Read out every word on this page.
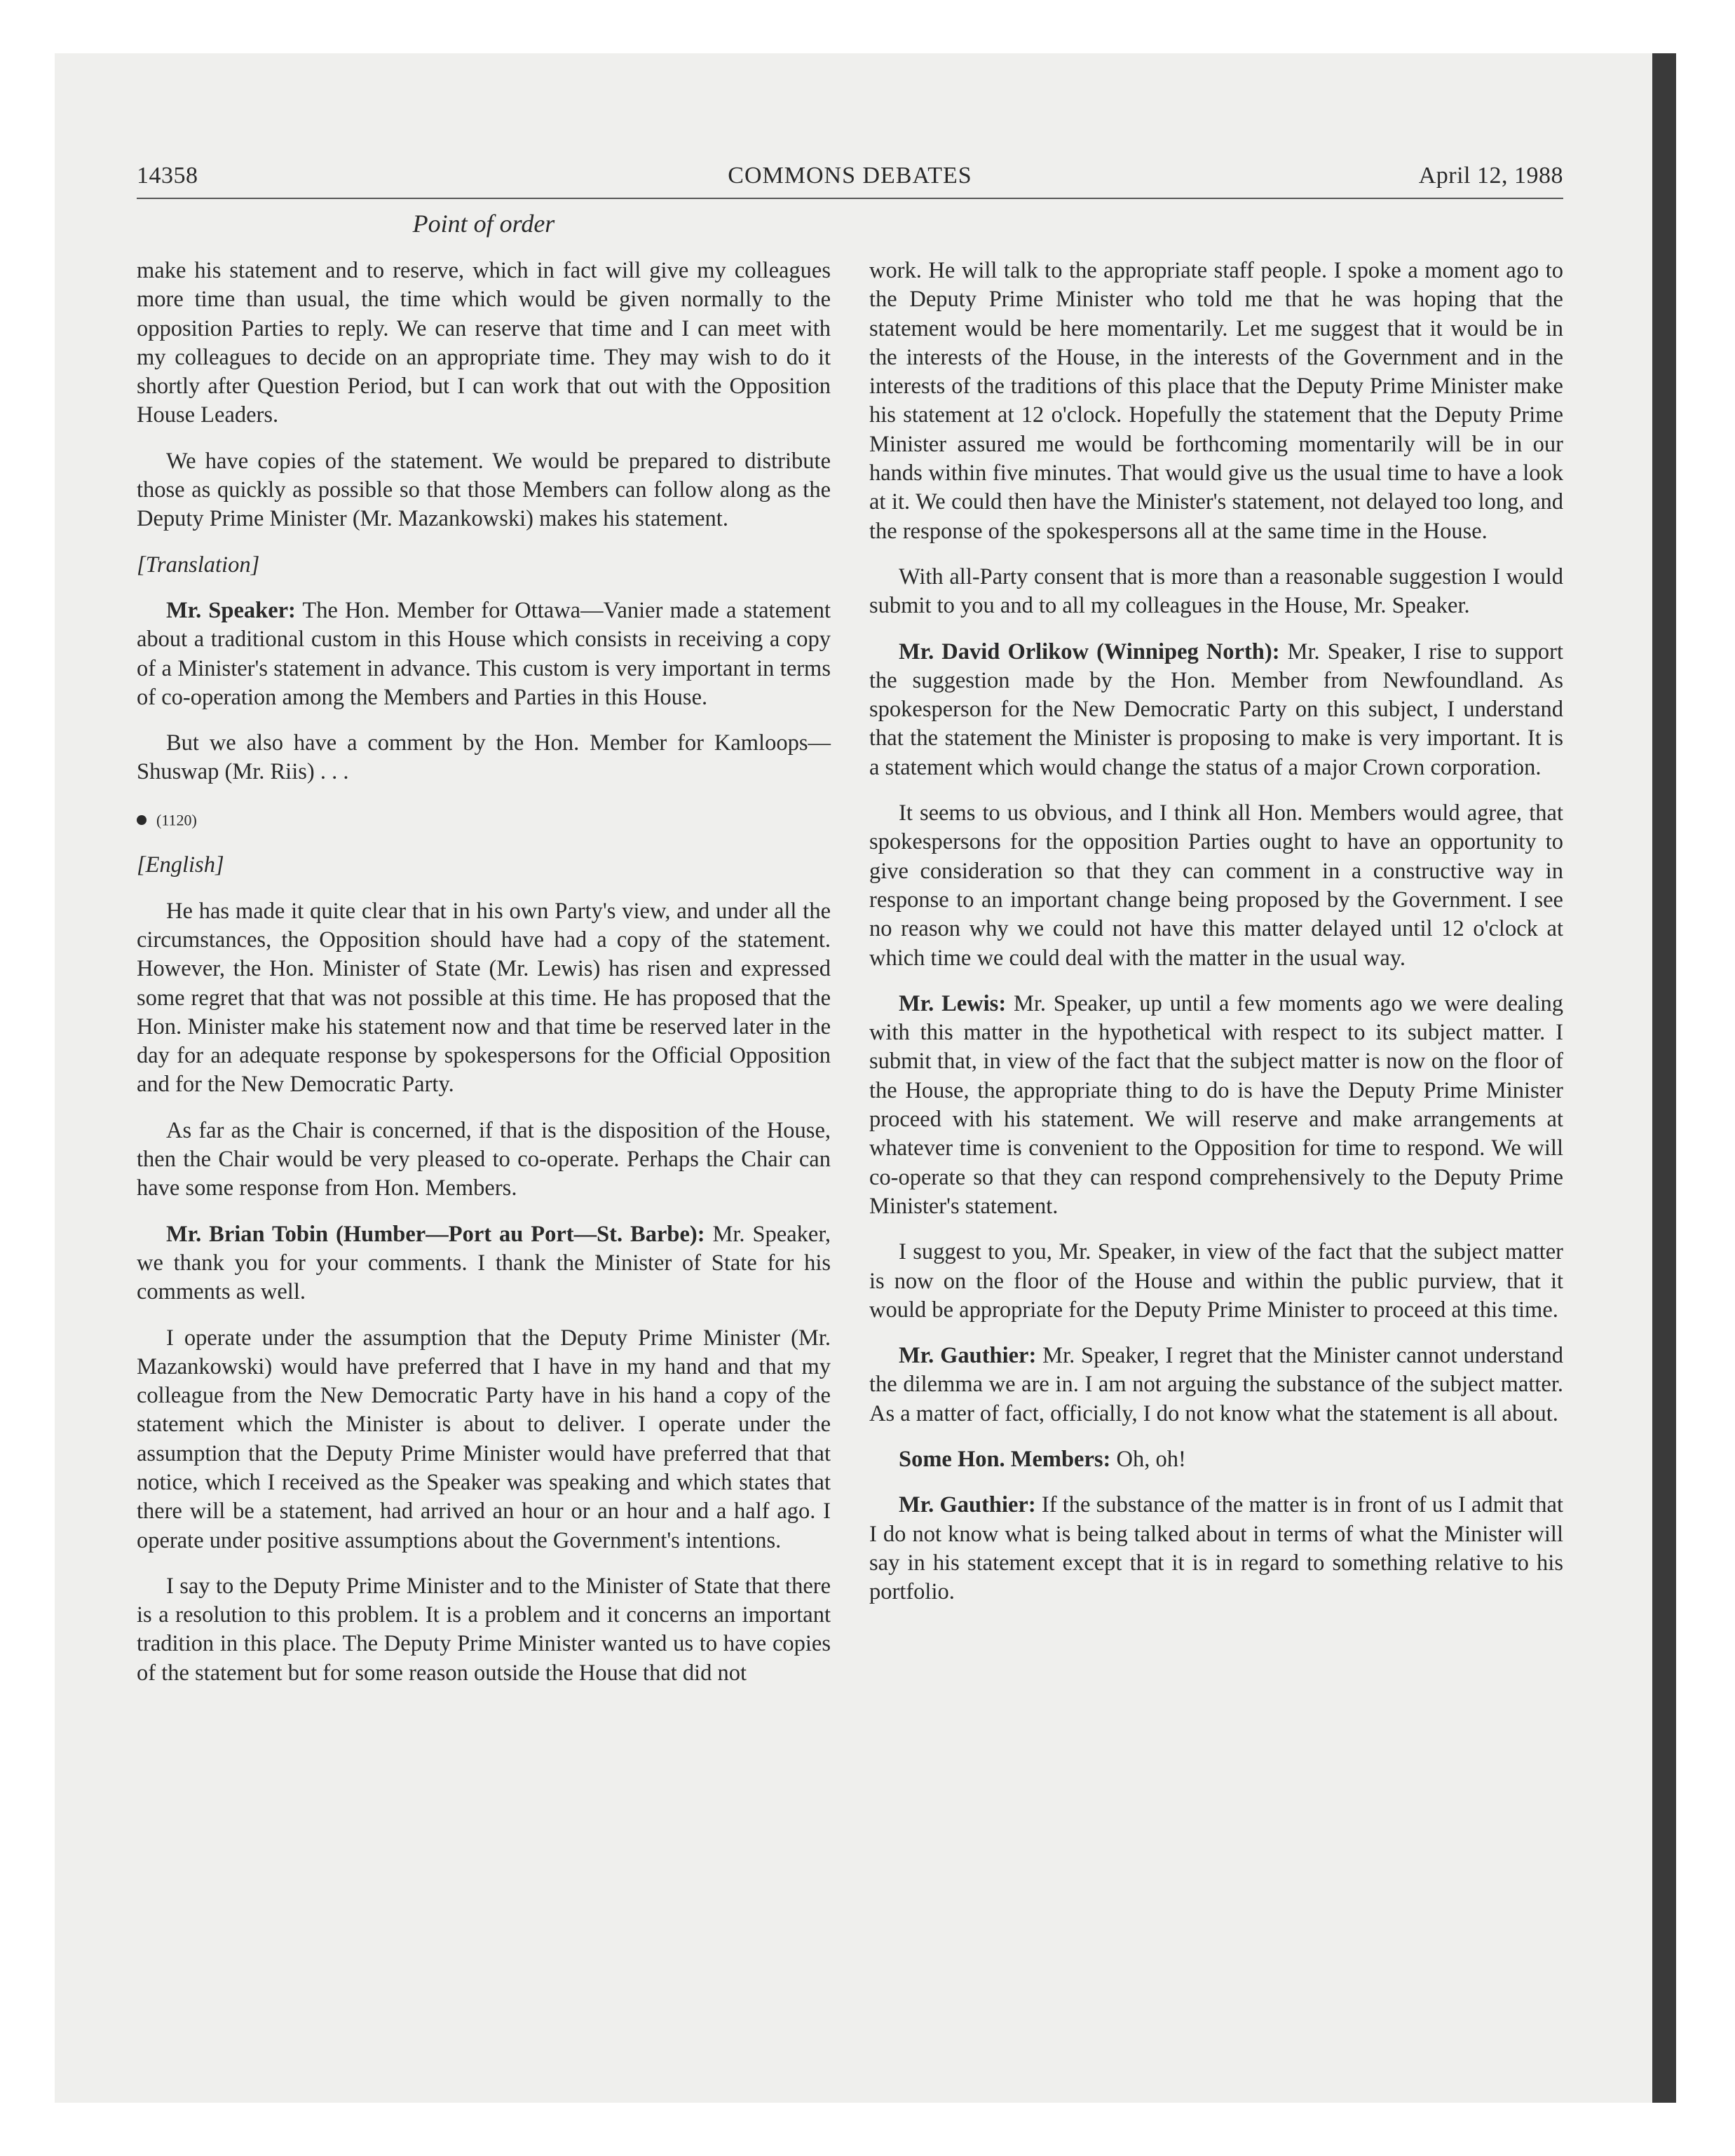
14358	COMMONS DEBATES	April 12, 1988
Point of order

make his statement and to reserve, which in fact will give my colleagues more time than usual, the time which would be given normally to the opposition Parties to reply. We can reserve that time and I can meet with my colleagues to decide on an appropriate time. They may wish to do it shortly after Question Period, but I can work that out with the Opposition House Leaders.

We have copies of the statement. We would be prepared to distribute those as quickly as possible so that those Members can follow along as the Deputy Prime Minister (Mr. Mazankowski) makes his statement.

[Translation]

Mr. Speaker: The Hon. Member for Ottawa—Vanier made a statement about a traditional custom in this House which consists in receiving a copy of a Minister's statement in advance. This custom is very important in terms of co-operation among the Members and Parties in this House.

But we also have a comment by the Hon. Member for Kamloops—Shuswap (Mr. Riis) . . .

(1120)
[English]

He has made it quite clear that in his own Party's view, and under all the circumstances, the Opposition should have had a copy of the statement. However, the Hon. Minister of State (Mr. Lewis) has risen and expressed some regret that that was not possible at this time. He has proposed that the Hon. Minister make his statement now and that time be reserved later in the day for an adequate response by spokespersons for the Official Opposition and for the New Democratic Party.

As far as the Chair is concerned, if that is the disposition of the House, then the Chair would be very pleased to co-operate. Perhaps the Chair can have some response from Hon. Members.

Mr. Brian Tobin (Humber—Port au Port—St. Barbe): Mr. Speaker, we thank you for your comments. I thank the Minister of State for his comments as well.

I operate under the assumption that the Deputy Prime Minister (Mr. Mazankowski) would have preferred that I have in my hand and that my colleague from the New Democratic Party have in his hand a copy of the statement which the Minister is about to deliver. I operate under the assumption that the Deputy Prime Minister would have preferred that that notice, which I received as the Speaker was speaking and which states that there will be a statement, had arrived an hour or an hour and a half ago. I operate under positive assumptions about the Government's intentions.

I say to the Deputy Prime Minister and to the Minister of State that there is a resolution to this problem. It is a problem and it concerns an important tradition in this place. The Deputy Prime Minister wanted us to have copies of the statement but for some reason outside the House that did not

work. He will talk to the appropriate staff people. I spoke a moment ago to the Deputy Prime Minister who told me that he was hoping that the statement would be here momentarily. Let me suggest that it would be in the interests of the House, in the interests of the Government and in the interests of the traditions of this place that the Deputy Prime Minister make his statement at 12 o'clock. Hopefully the statement that the Deputy Prime Minister assured me would be forthcoming momentarily will be in our hands within five minutes. That would give us the usual time to have a look at it. We could then have the Minister's statement, not delayed too long, and the response of the spokespersons all at the same time in the House.

With all-Party consent that is more than a reasonable suggestion I would submit to you and to all my colleagues in the House, Mr. Speaker.

Mr. David Orlikow (Winnipeg North): Mr. Speaker, I rise to support the suggestion made by the Hon. Member from Newfoundland. As spokesperson for the New Democratic Party on this subject, I understand that the statement the Minister is proposing to make is very important. It is a statement which would change the status of a major Crown corporation.

It seems to us obvious, and I think all Hon. Members would agree, that spokespersons for the opposition Parties ought to have an opportunity to give consideration so that they can comment in a constructive way in response to an important change being proposed by the Government. I see no reason why we could not have this matter delayed until 12 o'clock at which time we could deal with the matter in the usual way.

Mr. Lewis: Mr. Speaker, up until a few moments ago we were dealing with this matter in the hypothetical with respect to its subject matter. I submit that, in view of the fact that the subject matter is now on the floor of the House, the appropriate thing to do is have the Deputy Prime Minister proceed with his statement. We will reserve and make arrangements at whatever time is convenient to the Opposition for time to respond. We will co-operate so that they can respond comprehensively to the Deputy Prime Minister's statement.

I suggest to you, Mr. Speaker, in view of the fact that the subject matter is now on the floor of the House and within the public purview, that it would be appropriate for the Deputy Prime Minister to proceed at this time.

Mr. Gauthier: Mr. Speaker, I regret that the Minister cannot understand the dilemma we are in. I am not arguing the substance of the subject matter. As a matter of fact, officially, I do not know what the statement is all about.

Some Hon. Members: Oh, oh!

Mr. Gauthier: If the substance of the matter is in front of us I admit that I do not know what is being talked about in terms of what the Minister will say in his statement except that it is in regard to something relative to his portfolio.
